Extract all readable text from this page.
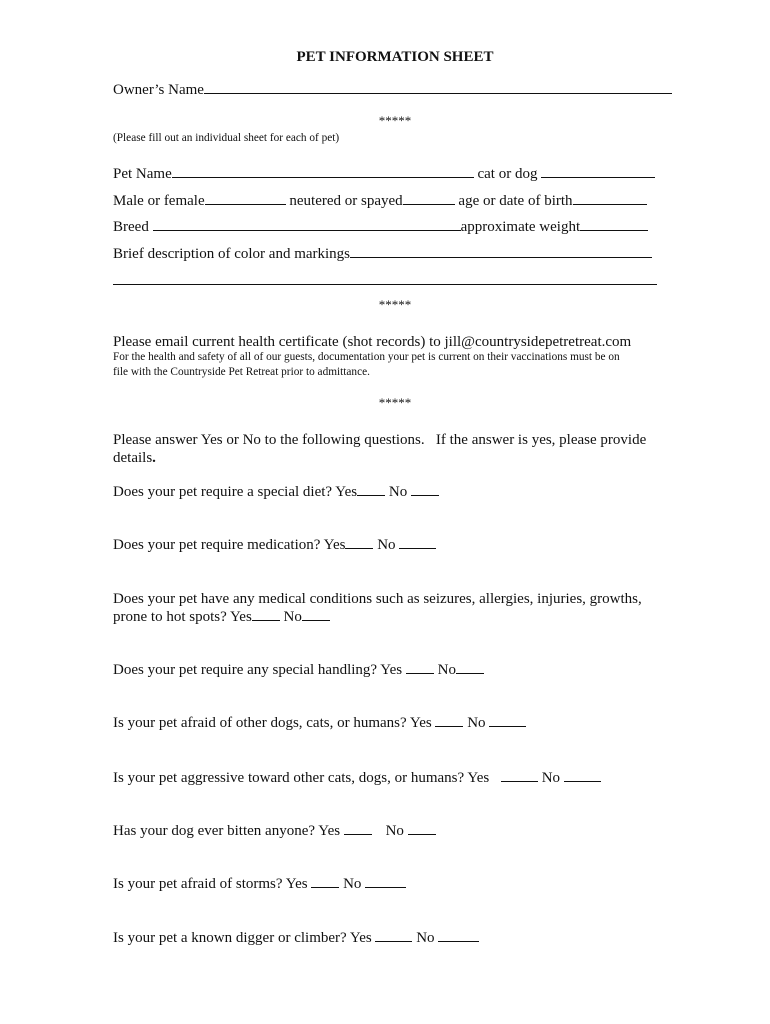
PET INFORMATION SHEET
Owner’s Name
*****
(Please fill out an individual sheet for each of pet)
Pet Name	cat or dog
Male or female	neutered or spayed	age or date of birth
Breed	approximate weight
Brief description of color and markings
*****
Please email current health certificate (shot records) to jill@countrysidepetretreat.com
For the health and safety of all of our guests, documentation your pet is current on their vaccinations must be on
file with the Countryside Pet Retreat prior to admittance.
*****
Please answer Yes or No to the following questions.   If the answer is yes, please provide
details.
Does your pet require a special diet? Yes No
Does your pet require medication? Yes No
Does your pet have any medical conditions such as seizures, allergies, injuries, growths,
prone to hot spots? Yes No
Does your pet require any special handling? Yes No
Is your pet afraid of other dogs, cats, or humans? Yes No
Is your pet aggressive toward other cats, dogs, or humans? Yes	No
Has your dog ever bitten anyone? Yes	No
Is your pet afraid of storms? Yes No
Is your pet a known digger or climber? Yes	No
